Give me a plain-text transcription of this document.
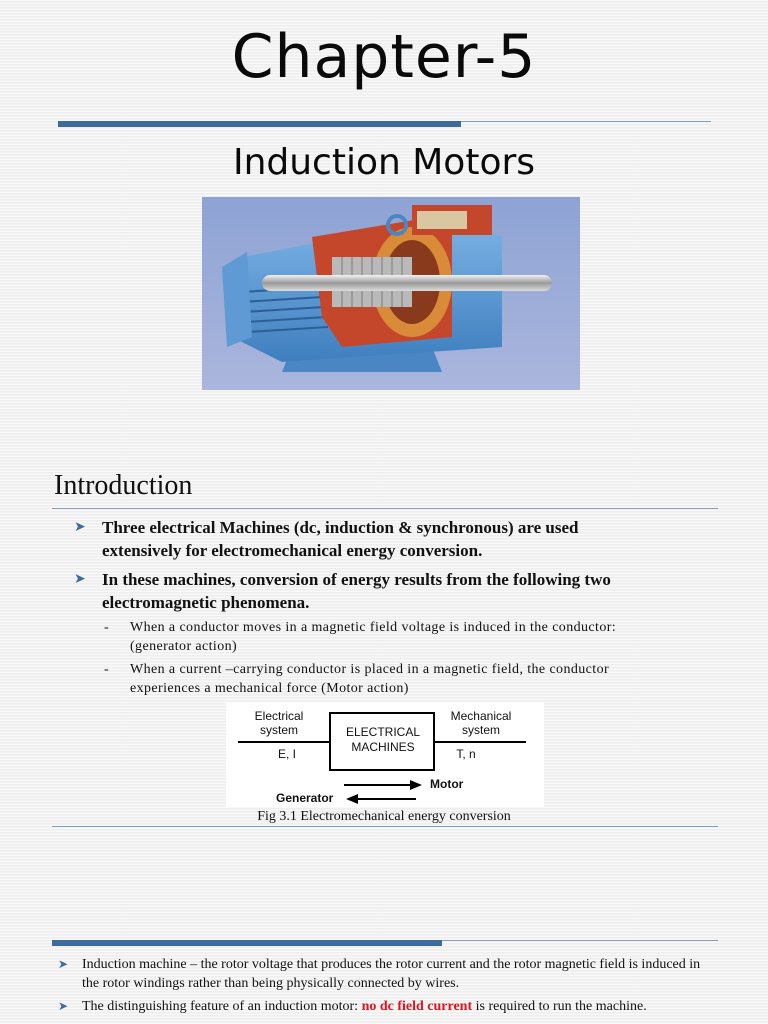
Chapter-5
Induction Motors
Introduction
➤ Three electrical Machines (dc, induction & synchronous) are used extensively for electromechanical energy conversion.
➤ In these machines, conversion of energy results from the following two electromagnetic phenomena.
- When a conductor moves in a magnetic field voltage is induced in the conductor: (generator action)
- When a current –carrying conductor is placed in a magnetic field, the conductor experiences a mechanical force (Motor action)
Electrical
system
E, I
ELECTRICAL
MACHINES
Mechanical
system
T, n
Motor
Generator
Fig 3.1 Electromechanical energy conversion
➤ Induction machine – the rotor voltage that produces the rotor current and the rotor magnetic field is induced in the rotor windings rather than being physically connected by wires.
➤ The distinguishing feature of an induction motor: no dc field current is required to run the machine.
